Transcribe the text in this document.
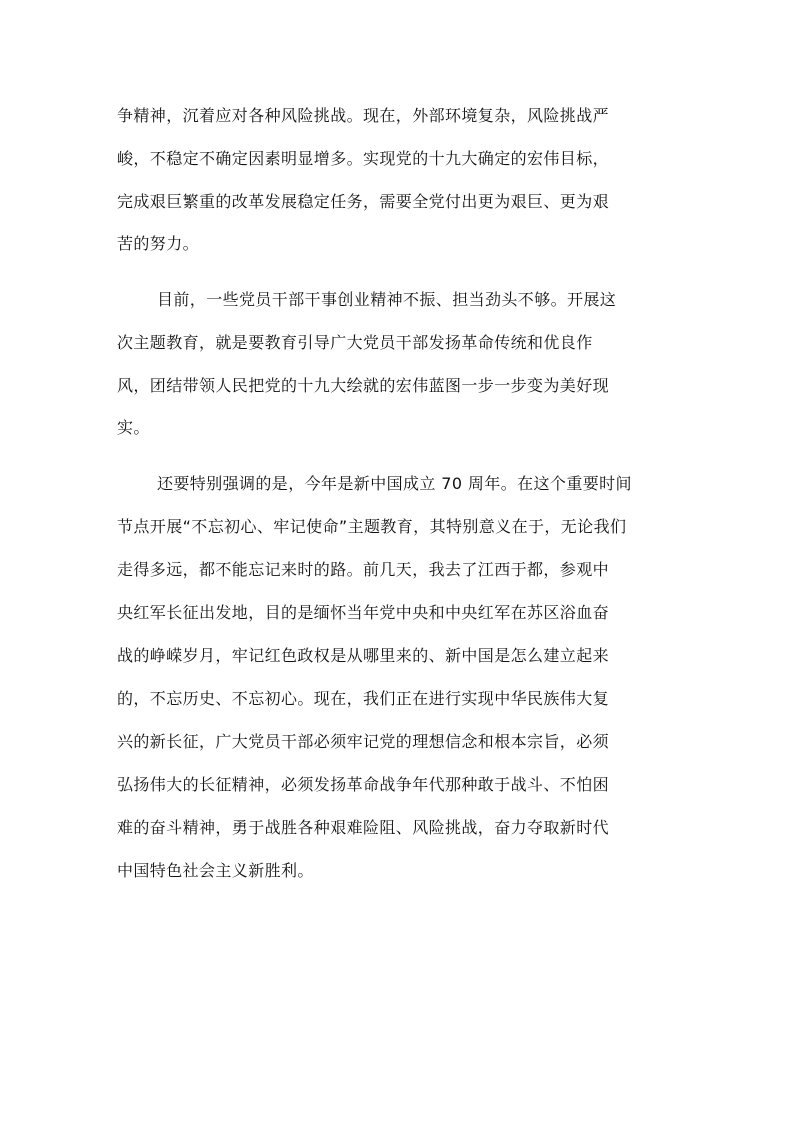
争精神，沉着应对各种风险挑战。现在，外部环境复杂，风险挑战严
峻，不稳定不确定因素明显增多。实现党的十九大确定的宏伟目标，
完成艰巨繁重的改革发展稳定任务，需要全党付出更为艰巨、更为艰
苦的努力。
目前，一些党员干部干事创业精神不振、担当劲头不够。开展这
次主题教育，就是要教育引导广大党员干部发扬革命传统和优良作
风，团结带领人民把党的十九大绘就的宏伟蓝图一步一步变为美好现
实。
还要特别强调的是，今年是新中国成立 70 周年。在这个重要时间
节点开展“不忘初心、牢记使命”主题教育，其特别意义在于，无论我们
走得多远，都不能忘记来时的路。前几天，我去了江西于都，参观中
央红军长征出发地，目的是缅怀当年党中央和中央红军在苏区浴血奋
战的峥嵘岁月，牢记红色政权是从哪里来的、新中国是怎么建立起来
的，不忘历史、不忘初心。现在，我们正在进行实现中华民族伟大复
兴的新长征，广大党员干部必须牢记党的理想信念和根本宗旨，必须
弘扬伟大的长征精神，必须发扬革命战争年代那种敢于战斗、不怕困
难的奋斗精神，勇于战胜各种艰难险阻、风险挑战，奋力夺取新时代
中国特色社会主义新胜利。
